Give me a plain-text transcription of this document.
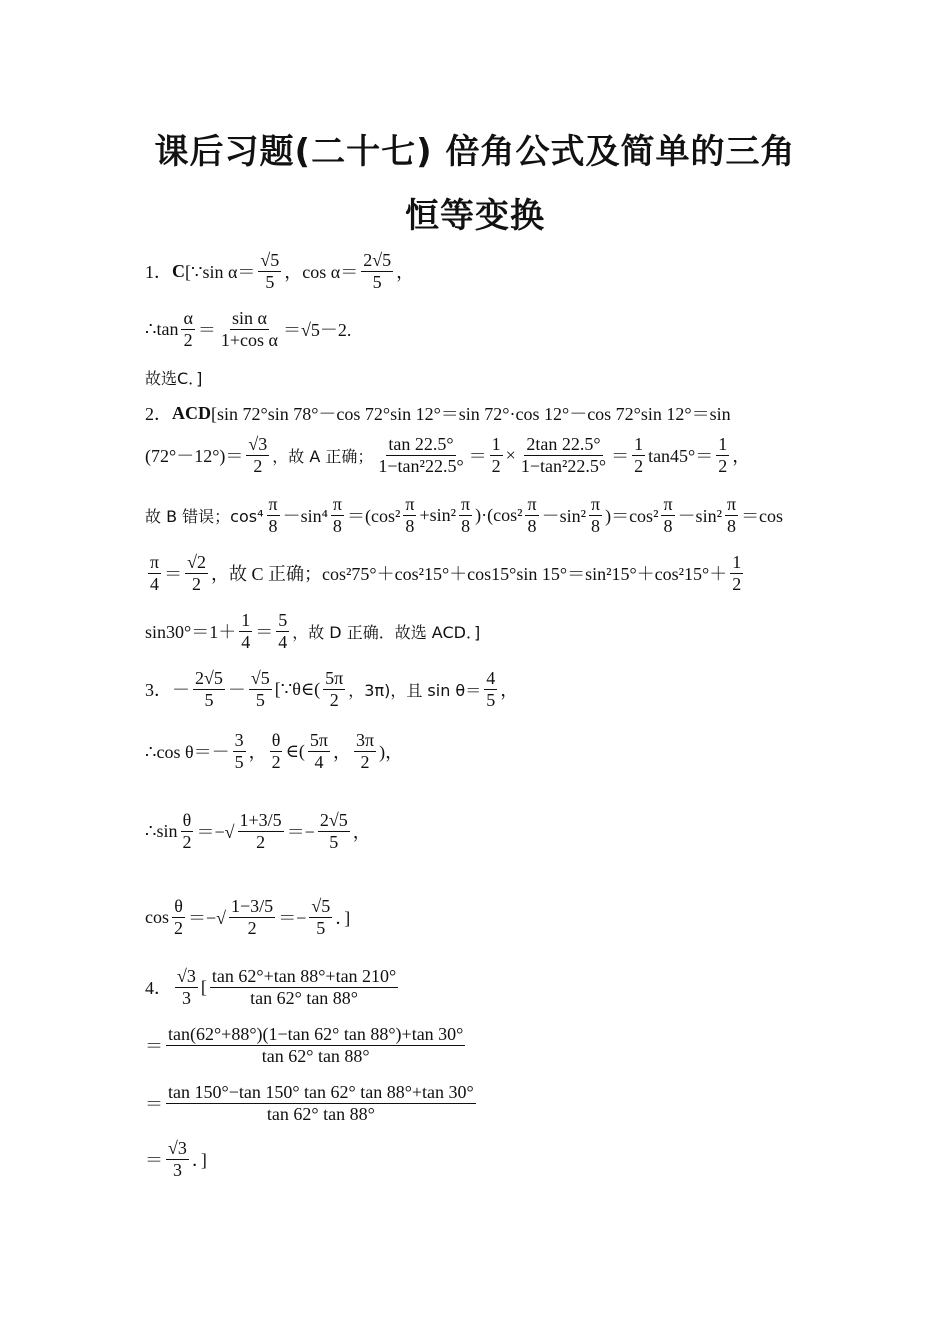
课后习题(二十七) 倍角公式及简单的三角
恒等变换
1． C [∵sin $\alpha= \frac{√5}{5}$ ，$\cos \alpha= \frac{2√5}{5}$ ，
∴tan $\frac{\alpha}{2} = \frac{\text{sin α}}{\text{1+cos α}} =√5-2$.
故选C．]
2． ACD [sin 72°sin 78°－cos 72°sin 12°＝sin 72°·cos 12°－cos 72°sin 12°＝sin
$(72^\circ-12^\circ)= \frac{√3}{2}$ ，故 A 正确； $\frac{\tan 22.5^\circ}{\text{1−tan²22.5°}} = \frac{1}{2} \times \frac{2\tan 22.5^\circ}{\text{1−tan²22.5°}} = \frac{1}{2} \tan 45^\circ= \frac{1}{2}$ ，
故 B 错误；$\cos^4 \frac{\pi}{8} -\sin^4 \frac{\pi}{8} =(\cos^2 \frac{\pi}{8} +\sin^2 \frac{\pi}{8} )\cdot(\cos^2 \frac{\pi}{8} -\sin^2 \frac{\pi}{8} )=\cos^2 \frac{\pi}{8} -\sin^2 \frac{\pi}{8} =\cos$
$\frac{\pi}{4} = \frac{√2}{2}$ ，故 C 正确；cos²75°＋cos²15°＋cos15°sin $15^\circ=\sin^215^\circ+\cos^215^\circ+ \frac{1}{2}$
$\sin 30^\circ=1+ \frac{1}{4} = \frac{5}{4}$ ，故 D 正确．故选 ACD．]
3．－ $\frac{2√5}{5} - \frac{√5}{5}$ [∵θ∈( $\frac{5\pi}{2}$ ，3π)，且 $\sin \theta= \frac{4}{5}$ ，
∴cos $\theta=- \frac{3}{5}$ ， $\frac{\theta}{2}$ ∈( $\frac{5\pi}{4}$ ， $\frac{3\pi}{2}$ )，
∴sin $\frac{\theta}{2}$ ＝−√ $\frac{1+3/5}{2} =- \frac{2√5}{5}$ ，
$\cos \frac{\theta}{2}$ ＝−√ $\frac{1-3/5}{2} =- \frac{√5}{5}$ ．]
4． $\frac{√3}{3}$ [ $\frac{\tan 62^\circ+\tan 88^\circ+\tan 210^\circ}{\tan 62^\circ \tan 88^\circ}$
＝ $\frac{\tan(62^\circ+88^\circ)(1-\tan 62^\circ \tan 88^\circ)+\tan 30^\circ}{\tan 62^\circ \tan 88^\circ}$
＝ $\frac{\tan 150^\circ-\tan 150^\circ \tan 62^\circ \tan 88^\circ+\tan 30^\circ}{\tan 62^\circ \tan 88^\circ}$
＝ $\frac{√3}{3}$ ．]
